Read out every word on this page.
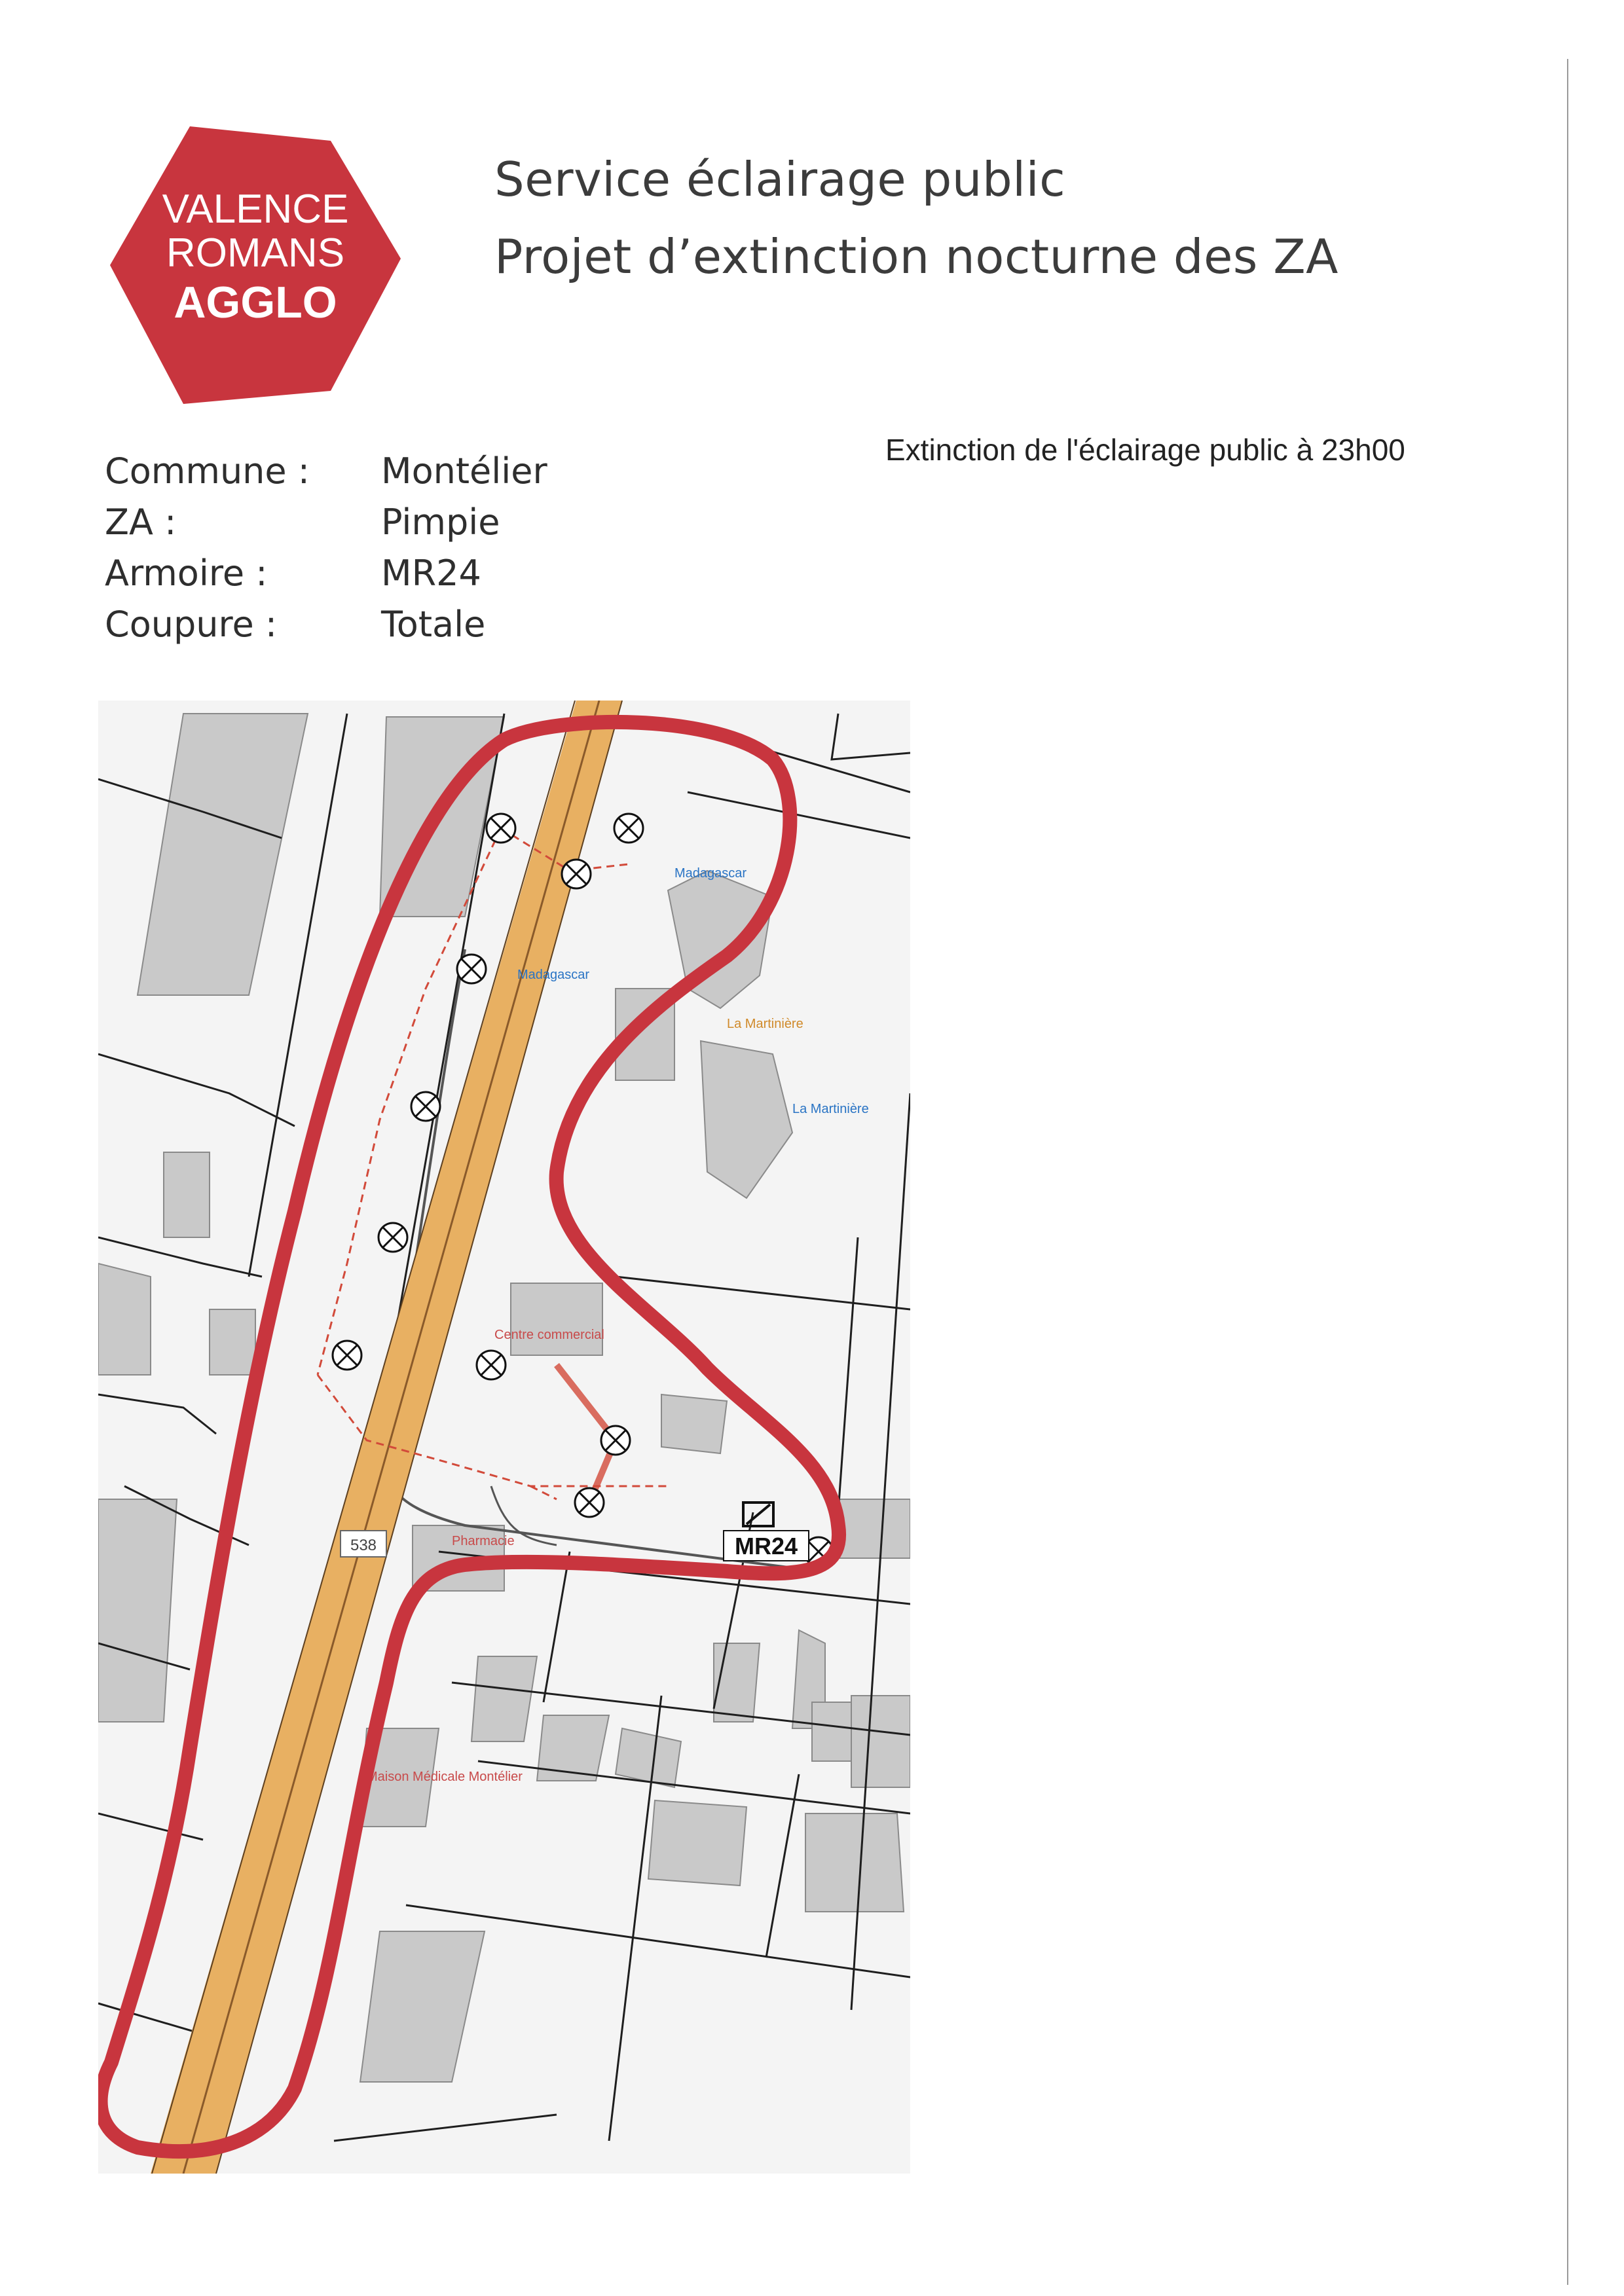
VALENCE
ROMANS
AGGLO
Service éclairage public
Projet d’extinction nocturne des ZA
Extinction de l'éclairage public à 23h00
Commune :	Montélier
ZA :	Pimpie
Armoire :	MR24
Coupure :	Totale
MR24
538
Madagascar
Madagascar
La Martinière
La Martinière
Centre commercial
Pharmacie
Maison Médicale Montélier
